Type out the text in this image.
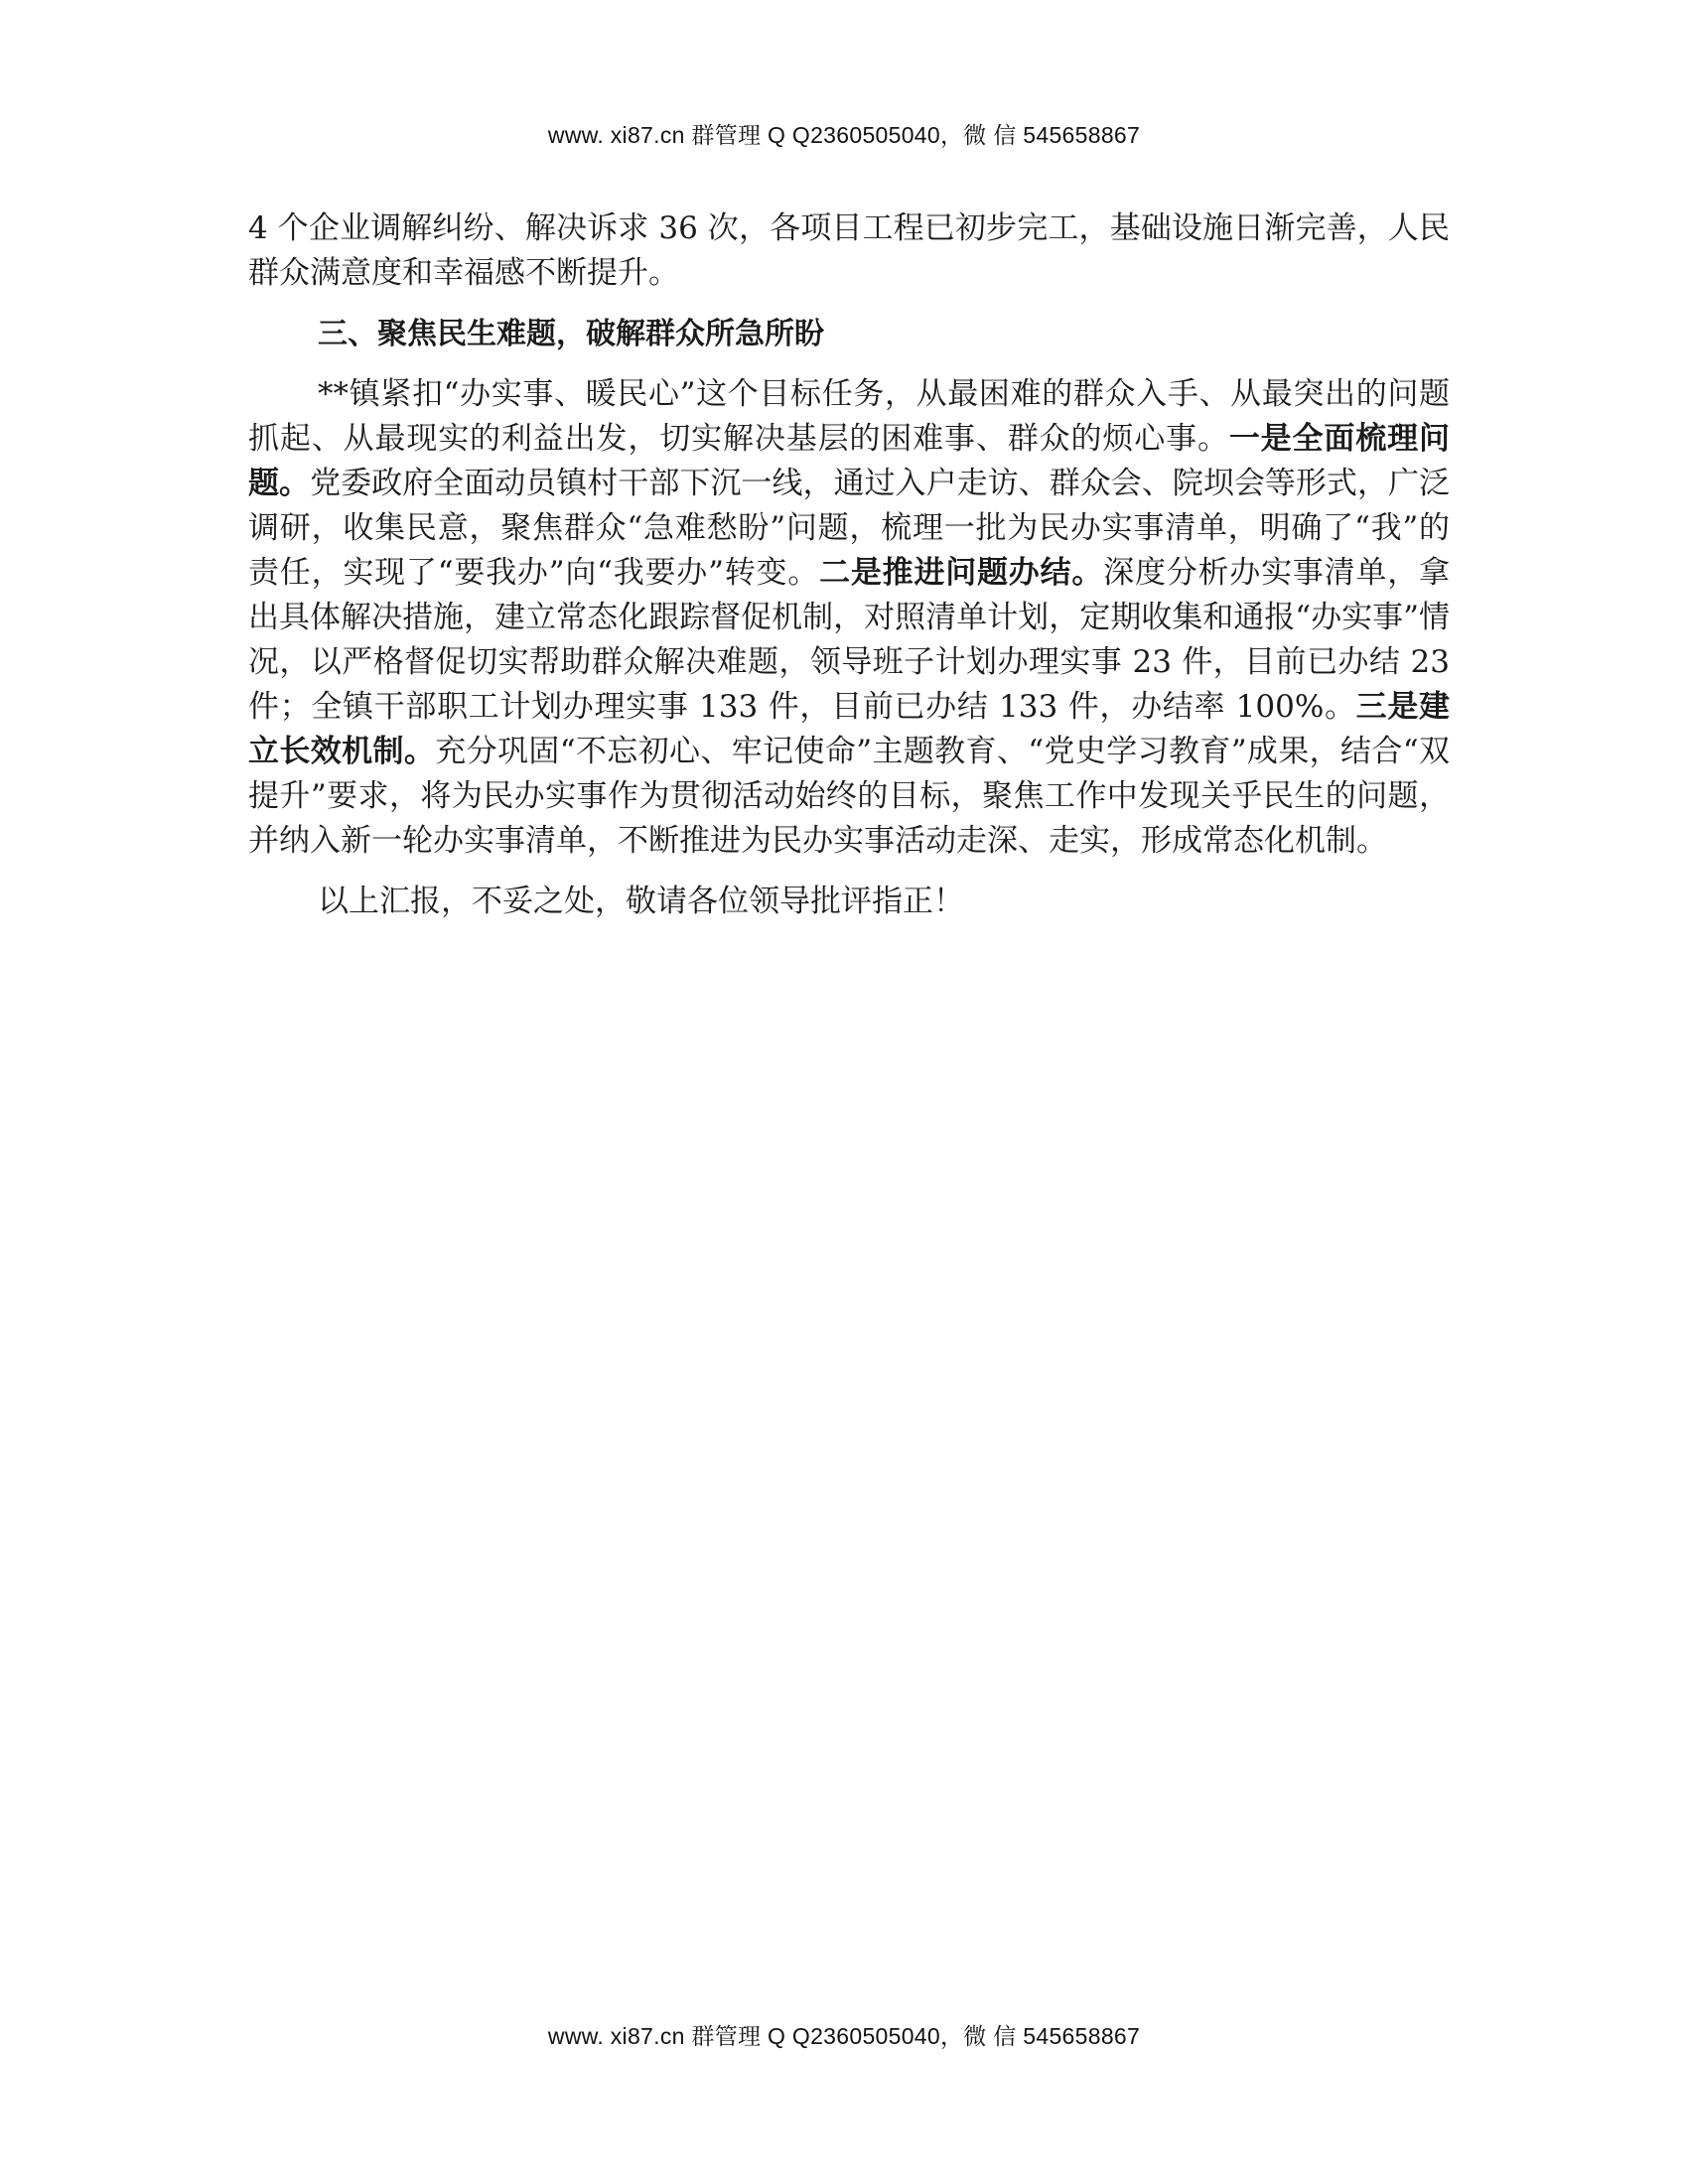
www. xi87.cn 群管理 Q Q2360505040，微 信 545658867

4 个企业调解纠纷、解决诉求 36 次，各项目工程已初步完工，基础设施日渐完善，人民群众满意度和幸福感不断提升。

三、聚焦民生难题，破解群众所急所盼

**镇紧扣“办实事、暖民心”这个目标任务，从最困难的群众入手、从最突出的问题抓起、从最现实的利益出发，切实解决基层的困难事、群众的烦心事。一是全面梳理问题。党委政府全面动员镇村干部下沉一线，通过入户走访、群众会、院坝会等形式，广泛调研，收集民意，聚焦群众“急难愁盼”问题，梳理一批为民办实事清单，明确了“我”的责任，实现了“要我办”向“我要办”转变。二是推进问题办结。深度分析办实事清单，拿出具体解决措施，建立常态化跟踪督促机制，对照清单计划，定期收集和通报“办实事”情况，以严格督促切实帮助群众解决难题，领导班子计划办理实事 23 件，目前已办结 23 件；全镇干部职工计划办理实事 133 件，目前已办结 133 件，办结率 100%。三是建立长效机制。充分巩固“不忘初心、牢记使命”主题教育、“党史学习教育”成果，结合“双提升”要求，将为民办实事作为贯彻活动始终的目标，聚焦工作中发现关乎民生的问题，并纳入新一轮办实事清单，不断推进为民办实事活动走深、走实，形成常态化机制。

以上汇报，不妥之处，敬请各位领导批评指正！

www. xi87.cn 群管理 Q Q2360505040，微 信 545658867
